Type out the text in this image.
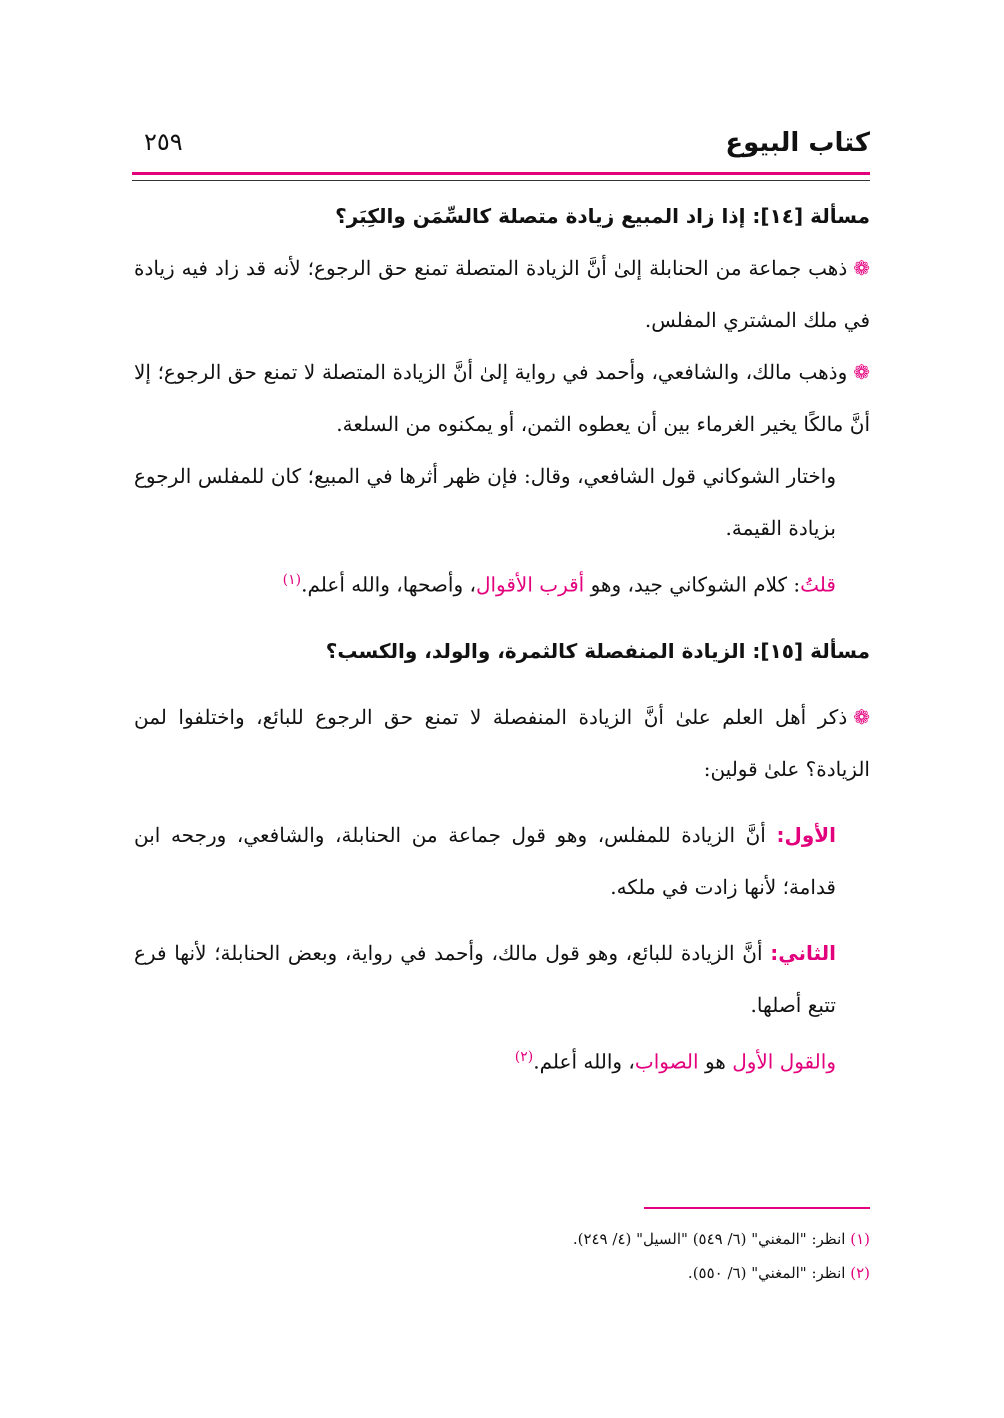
كتاب البيوع
٢٥٩

مسألة [١٤]: إذا زاد المبيع زيادة متصلة كالسِّمَن والكِبَر؟

❁ذهب جماعة من الحنابلة إلىٰ أنَّ الزيادة المتصلة تمنع حق الرجوع؛ لأنه قد زاد فيه زيادة في ملك المشتري المفلس.

❁وذهب مالك، والشافعي، وأحمد في رواية إلىٰ أنَّ الزيادة المتصلة لا تمنع حق الرجوع؛ إلا أنَّ مالكًا يخير الغرماء بين أن يعطوه الثمن، أو يمكنوه من السلعة.

واختار الشوكاني قول الشافعي، وقال: فإن ظهر أثرها في المبيع؛ كان للمفلس الرجوع بزيادة القيمة.

قلتُ: كلام الشوكاني جيد، وهو أقرب الأقوال، وأصحها، والله أعلم.$^{(١)}$

مسألة [١٥]: الزيادة المنفصلة كالثمرة، والولد، والكسب؟

❁ذكر أهل العلم علىٰ أنَّ الزيادة المنفصلة لا تمنع حق الرجوع للبائع، واختلفوا لمن الزيادة؟ علىٰ قولين:

الأول: أنَّ الزيادة للمفلس، وهو قول جماعة من الحنابلة، والشافعي، ورجحه ابن قدامة؛ لأنها زادت في ملكه.

الثاني: أنَّ الزيادة للبائع، وهو قول مالك، وأحمد في رواية، وبعض الحنابلة؛ لأنها فرع تتبع أصلها.

والقول الأول هو الصواب، والله أعلم.$^{(٢)}$

(١) انظر: "المغني" (٦/ ٥٤٩) "السيل" (٤/ ٢٤٩).

(٢) انظر: "المغني" (٦/ ٥٥٠).
